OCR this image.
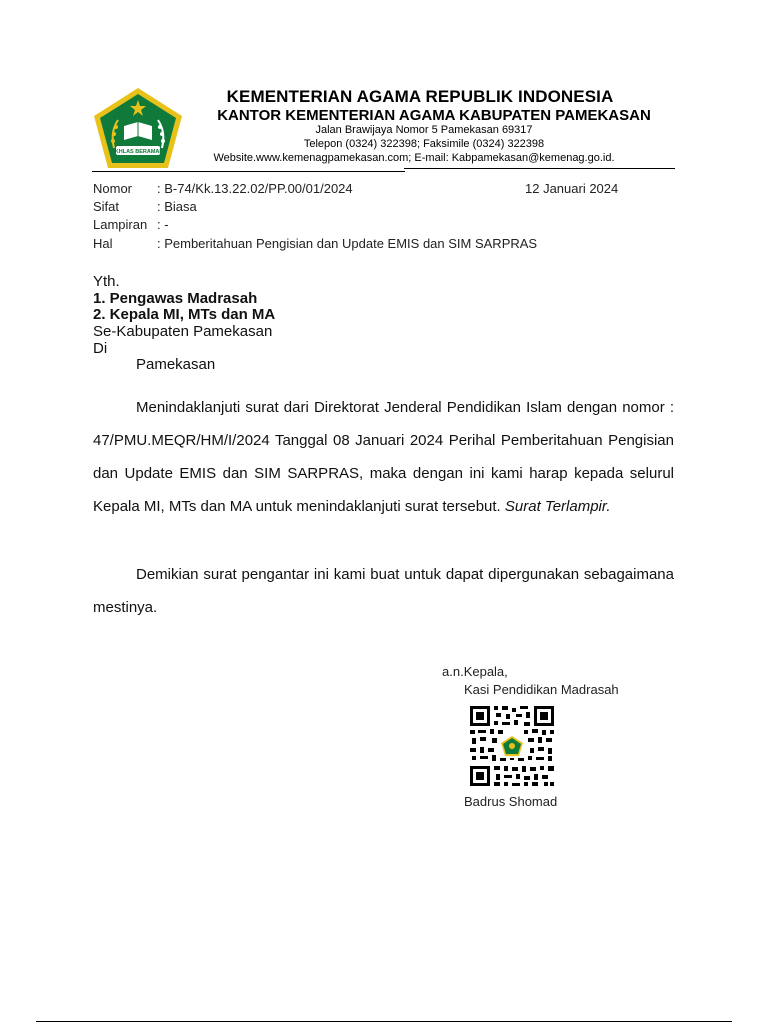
IKHLAS BERAMAL
KEMENTERIAN AGAMA REPUBLIK INDONESIA
KANTOR KEMENTERIAN AGAMA KABUPATEN PAMEKASAN
Jalan Brawijaya Nomor 5 Pamekasan 69317
Telepon (0324) 322398; Faksimile (0324) 322398
Website.www.kemenagpamekasan.com; E-mail: Kabpamekasan@kemenag.go.id.
Nomor : B-74/Kk.13.22.02/PP.00/01/2024	12 Januari 2024
Sifat	: Biasa
Lampiran : -
Hal	: Pemberitahuan Pengisian dan Update EMIS dan SIM SARPRAS
Yth.
1. Pengawas Madrasah
2. Kepala MI, MTs dan MA
Se-Kabupaten Pamekasan
Di
Pamekasan
Menindaklanjuti surat dari Direktorat Jenderal Pendidikan Islam dengan nomor : 47/PMU.MEQR/HM/I/2024 Tanggal 08 Januari 2024 Perihal Pemberitahuan Pengisian dan Update EMIS dan SIM SARPRAS, maka dengan ini kami harap kepada selurul Kepala MI, MTs dan MA untuk menindaklanjuti surat tersebut. Surat Terlampir.
Demikian surat pengantar ini kami buat untuk dapat dipergunakan sebagaimana mestinya.
a.n.Kepala,
Kasi Pendidikan Madrasah
Badrus Shomad
